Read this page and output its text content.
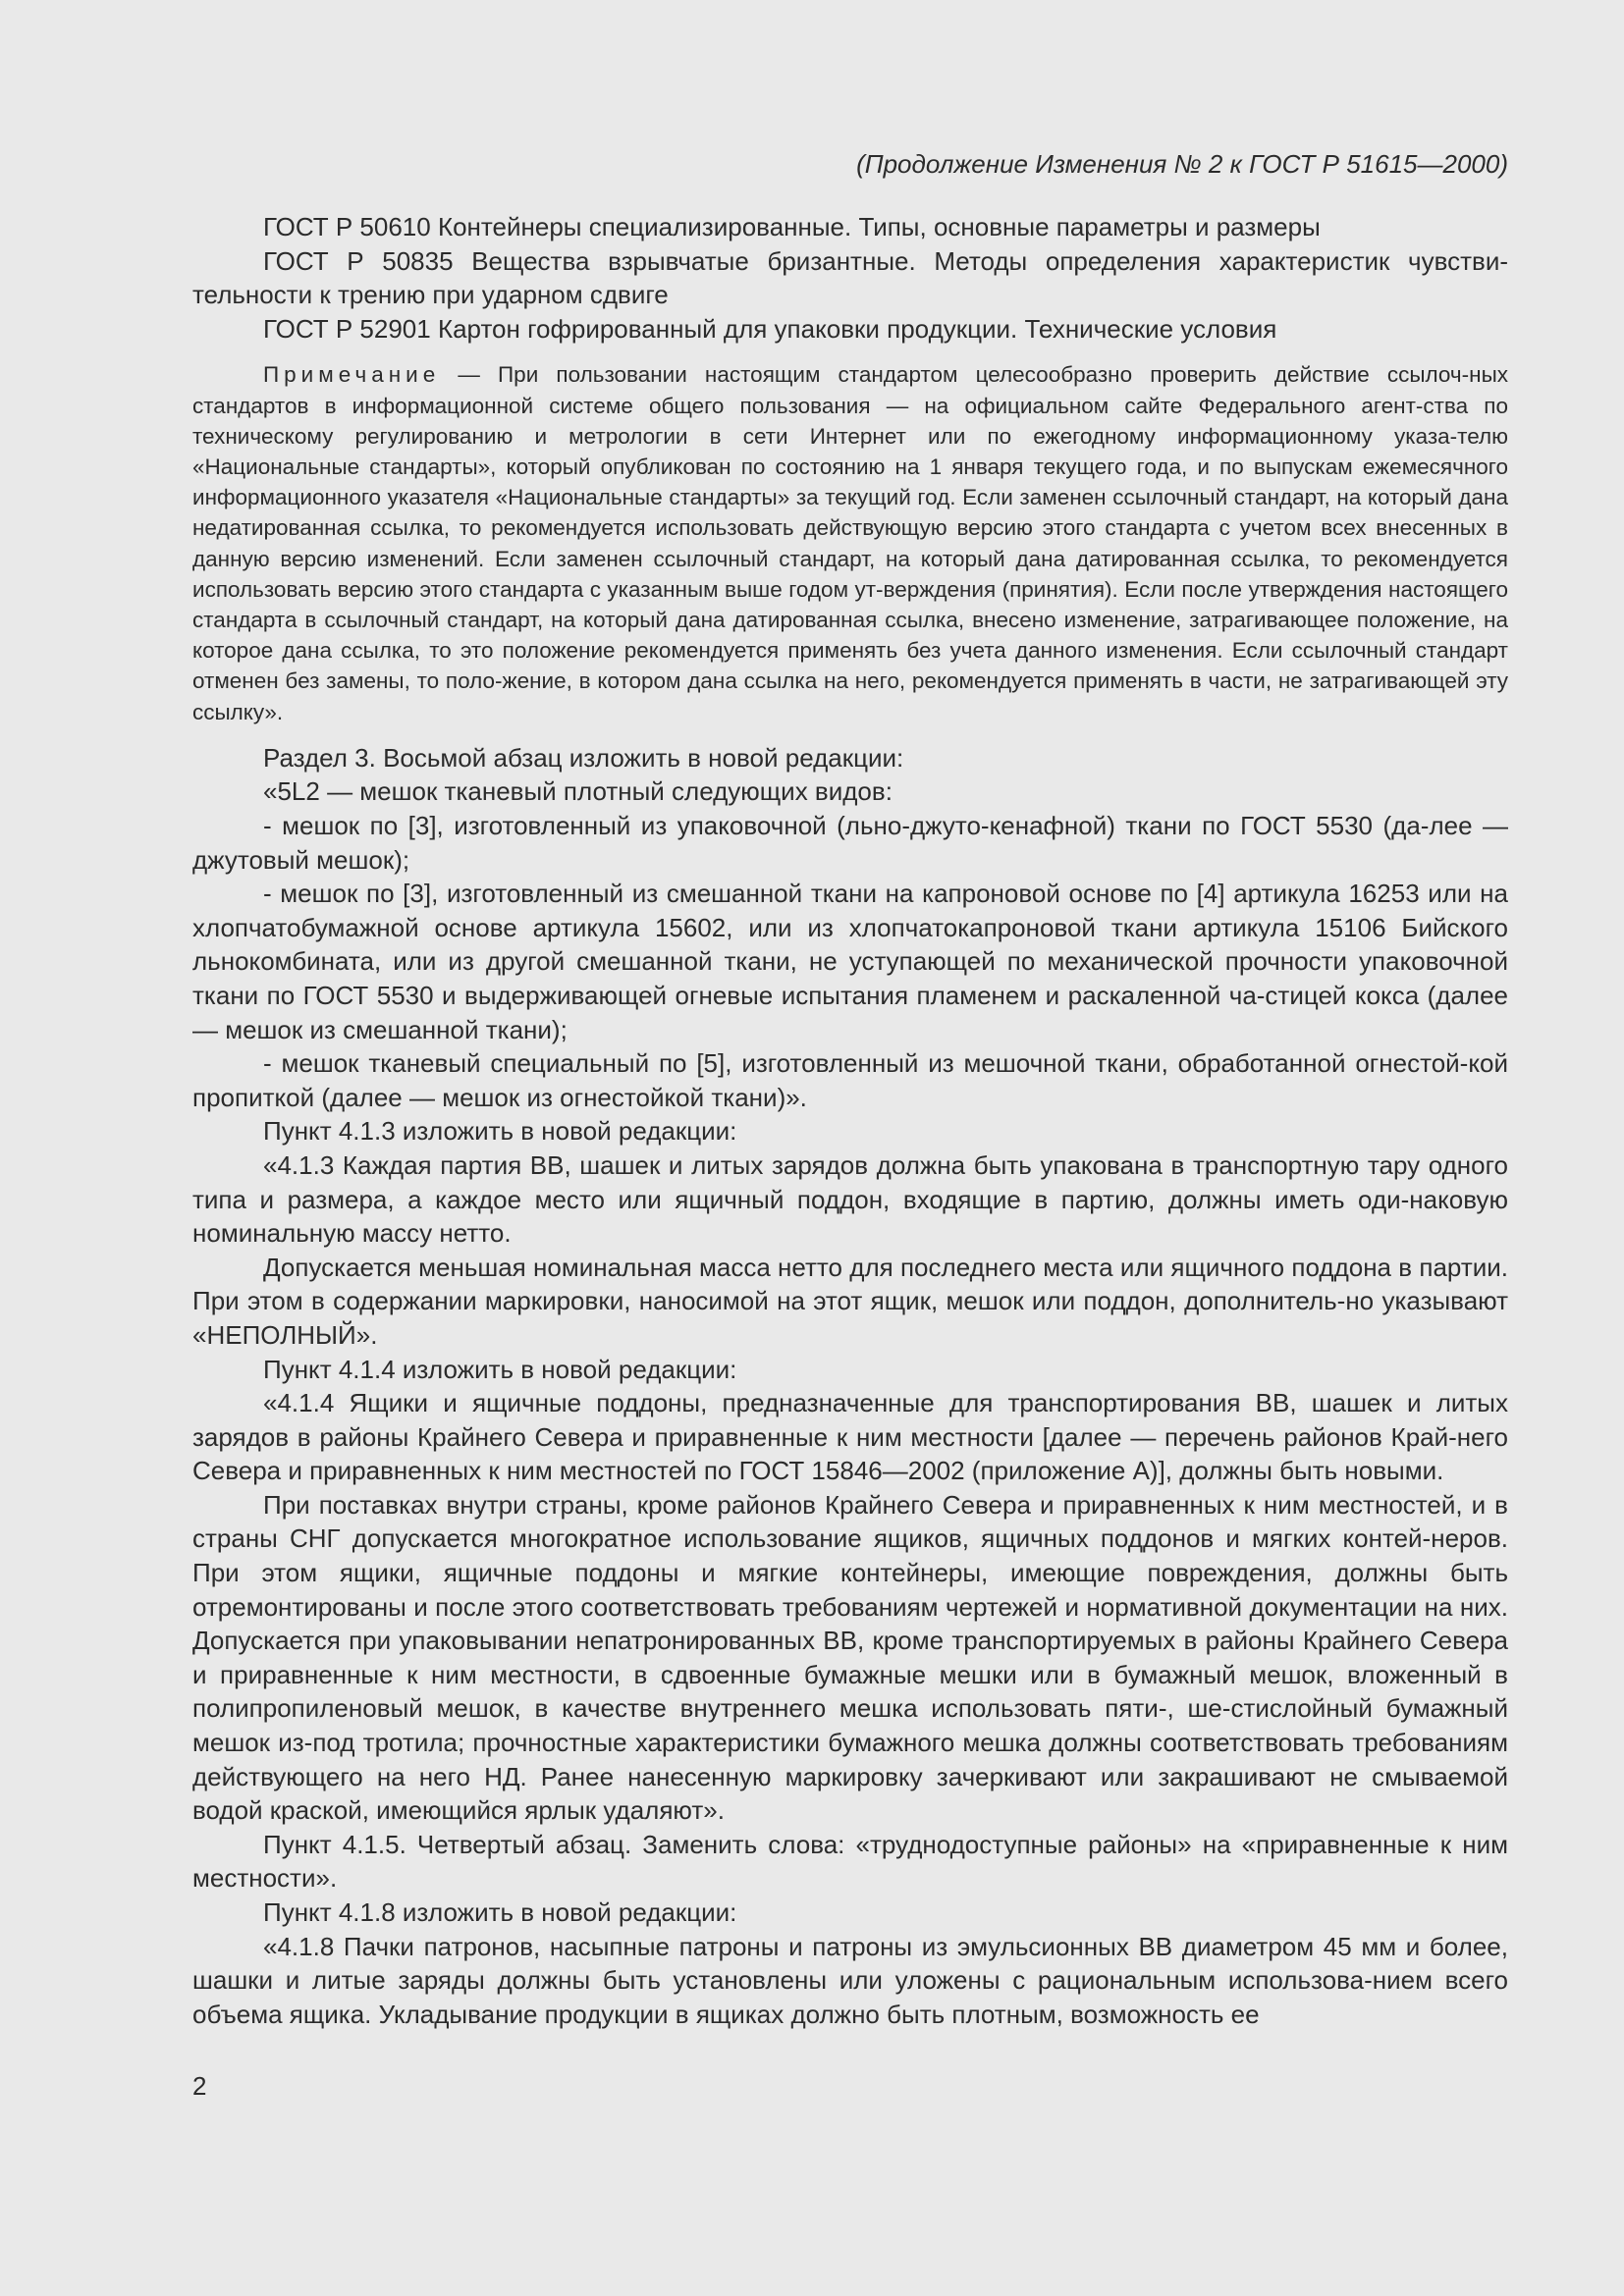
(Продолжение Изменения № 2 к ГОСТ Р 51615—2000)

ГОСТ Р 50610 Контейнеры специализированные. Типы, основные параметры и размеры

ГОСТ Р 50835 Вещества взрывчатые бризантные. Методы определения характеристик чувстви-тельности к трению при ударном сдвиге

ГОСТ Р 52901 Картон гофрированный для упаковки продукции. Технические условия

Примечание — При пользовании настоящим стандартом целесообразно проверить действие ссылоч-ных стандартов в информационной системе общего пользования — на официальном сайте Федерального агент-ства по техническому регулированию и метрологии в сети Интернет или по ежегодному информационному указа-телю «Национальные стандарты», который опубликован по состоянию на 1 января текущего года, и по выпускам ежемесячного информационного указателя «Национальные стандарты» за текущий год. Если заменен ссылочный стандарт, на который дана недатированная ссылка, то рекомендуется использовать действующую версию этого стандарта с учетом всех внесенных в данную версию изменений. Если заменен ссылочный стандарт, на который дана датированная ссылка, то рекомендуется использовать версию этого стандарта с указанным выше годом ут-верждения (принятия). Если после утверждения настоящего стандарта в ссылочный стандарт, на который дана датированная ссылка, внесено изменение, затрагивающее положение, на которое дана ссылка, то это положение рекомендуется применять без учета данного изменения. Если ссылочный стандарт отменен без замены, то поло-жение, в котором дана ссылка на него, рекомендуется применять в части, не затрагивающей эту ссылку».

Раздел 3. Восьмой абзац изложить в новой редакции:

«5L2 — мешок тканевый плотный следующих видов:

- мешок по [3], изготовленный из упаковочной (льно-джуто-кенафной) ткани по ГОСТ 5530 (да-лее — джутовый мешок);

- мешок по [3], изготовленный из смешанной ткани на капроновой основе по [4] артикула 16253 или на хлопчатобумажной основе артикула 15602, или из хлопчатокапроновой ткани артикула 15106 Бийского льнокомбината, или из другой смешанной ткани, не уступающей по механической прочности упаковочной ткани по ГОСТ 5530 и выдерживающей огневые испытания пламенем и раскаленной ча-стицей кокса (далее — мешок из смешанной ткани);

- мешок тканевый специальный по [5], изготовленный из мешочной ткани, обработанной огнестой-кой пропиткой (далее — мешок из огнестойкой ткани)».

Пункт 4.1.3 изложить в новой редакции:

«4.1.3 Каждая партия ВВ, шашек и литых зарядов должна быть упакована в транспортную тару одного типа и размера, а каждое место или ящичный поддон, входящие в партию, должны иметь оди-наковую номинальную массу нетто.

Допускается меньшая номинальная масса нетто для последнего места или ящичного поддона в партии. При этом в содержании маркировки, наносимой на этот ящик, мешок или поддон, дополнитель-но указывают «НЕПОЛНЫЙ».

Пункт 4.1.4 изложить в новой редакции:

«4.1.4 Ящики и ящичные поддоны, предназначенные для транспортирования ВВ, шашек и литых зарядов в районы Крайнего Севера и приравненные к ним местности [далее — перечень районов Край-него Севера и приравненных к ним местностей по ГОСТ 15846—2002 (приложение А)], должны быть новыми.

При поставках внутри страны, кроме районов Крайнего Севера и приравненных к ним местностей, и в страны СНГ допускается многократное использование ящиков, ящичных поддонов и мягких контей-неров. При этом ящики, ящичные поддоны и мягкие контейнеры, имеющие повреждения, должны быть отремонтированы и после этого соответствовать требованиям чертежей и нормативной документации на них. Допускается при упаковывании непатронированных ВВ, кроме транспортируемых в районы Крайнего Севера и приравненные к ним местности, в сдвоенные бумажные мешки или в бумажный мешок, вложенный в полипропиленовый мешок, в качестве внутреннего мешка использовать пяти-, ше-стислойный бумажный мешок из-под тротила; прочностные характеристики бумажного мешка должны соответствовать требованиям действующего на него НД. Ранее нанесенную маркировку зачеркивают или закрашивают не смываемой водой краской, имеющийся ярлык удаляют».

Пункт 4.1.5. Четвертый абзац. Заменить слова: «труднодоступные районы» на «приравненные к ним местности».

Пункт 4.1.8 изложить в новой редакции:

«4.1.8 Пачки патронов, насыпные патроны и патроны из эмульсионных ВВ диаметром 45 мм и более, шашки и литые заряды должны быть установлены или уложены с рациональным использова-нием всего объема ящика. Укладывание продукции в ящиках должно быть плотным, возможность ее

2
